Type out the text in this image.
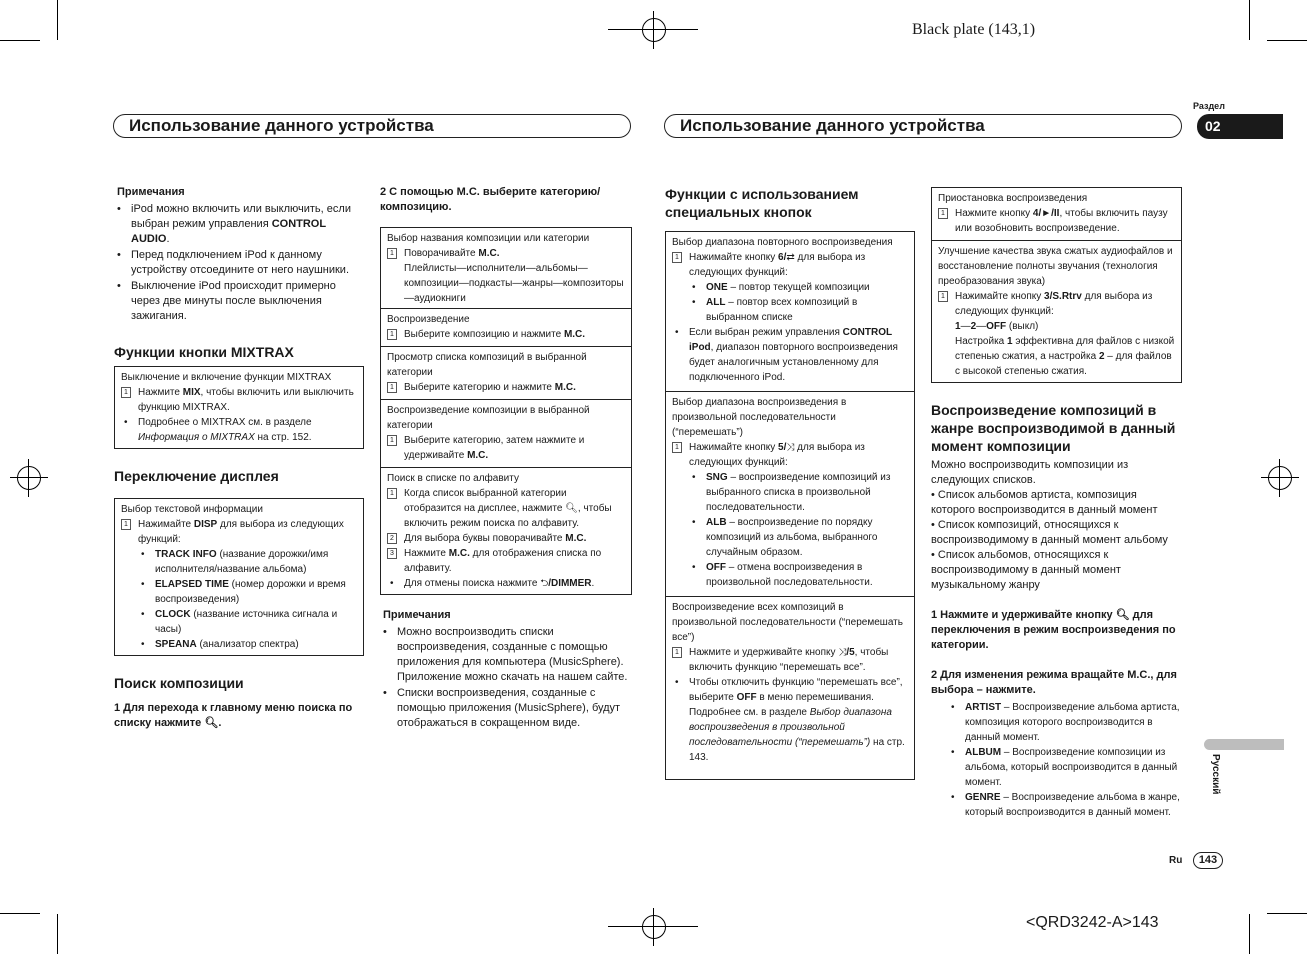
Black plate (143,1)
Использование данного устройства	Использование данного устройства
Раздел
02
Примечания
• iPod можно включить или выключить, если выбран режим управления CONTROL AUDIO.
• Перед подключением iPod к данному устройству отсоедините от него наушники.
• Выключение iPod происходит примерно через две минуты после выключения зажигания.
Функции кнопки MIXTRAX
Выключение и включение функции MIXTRAX
1	Нажмите MIX, чтобы включить или выключить функцию MIXTRAX.
• Подробнее о MIXTRAX см. в разделе Информация о MIXTRAX на стр. 152.
Переключение дисплея
Выбор текстовой информации
1	Нажимайте DISP для выбора из следующих функций:
• TRACK INFO (название дорожки/имя исполнителя/название альбома)
• ELAPSED TIME (номер дорожки и время воспроизведения)
• CLOCK (название источника сигнала и часы)
• SPEANA (анализатор спектра)
Поиск композиции
1 Для перехода к главному меню поиска по списку нажмите 🔍︎.
2 С помощью M.C. выберите категорию/композицию.
Выбор названия композиции или категории
1	Поворачивайте M.C.
Плейлисты—исполнители—альбомы—композиции—подкасты—жанры—композиторы—аудиокниги
Воспроизведение
1	Выберите композицию и нажмите M.C.
Просмотр списка композиций в выбранной категории
1	Выберите категорию и нажмите M.C.
Воспроизведение композиции в выбранной категории
1	Выберите категорию, затем нажмите и удерживайте M.C.
Поиск в списке по алфавиту
1	Когда список выбранной категории отобразится на дисплее, нажмите 🔍︎, чтобы включить режим поиска по алфавиту.
2	Для выбора буквы поворачивайте M.C.
3	Нажмите M.C. для отображения списка по алфавиту.
• Для отмены поиска нажмите ⮌/DIMMER.
Примечания
• Можно воспроизводить списки воспроизведения, созданные с помощью приложения для компьютера (MusicSphere). Приложение можно скачать на нашем сайте.
• Списки воспроизведения, созданные с помощью приложения (MusicSphere), будут отображаться в сокращенном виде.
Функции с использованием специальных кнопок
Выбор диапазона повторного воспроизведения
1	Нажимайте кнопку 6/⇄ для выбора из следующих функций:
• ONE – повтор текущей композиции
• ALL – повтор всех композиций в выбранном списке
• Если выбран режим управления CONTROL iPod, диапазон повторного воспроизведения будет аналогичным установленному для подключенного iPod.
Выбор диапазона воспроизведения в произвольной последовательности (“перемешать”)
1	Нажимайте кнопку 5/⤨ для выбора из следующих функций:
• SNG – воспроизведение композиций из выбранного списка в произвольной последовательности.
• ALB – воспроизведение по порядку композиций из альбома, выбранного случайным образом.
• OFF – отмена воспроизведения в произвольной последовательности.
Воспроизведение всех композиций в произвольной последовательности (“перемешать все”)
1	Нажмите и удерживайте кнопку ⤨/5, чтобы включить функцию “перемешать все”.
• Чтобы отключить функцию “перемешать все”, выберите OFF в меню перемешивания. Подробнее см. в разделе Выбор диапазона воспроизведения в произвольной последовательности (“перемешать”) на стр. 143.
Приостановка воспроизведения
1	Нажмите кнопку 4/►/II, чтобы включить паузу или возобновить воспроизведение.
Улучшение качества звука сжатых аудиофайлов и восстановление полноты звучания (технология преобразования звука)
1	Нажимайте кнопку 3/S.Rtrv для выбора из следующих функций:
1—2—OFF (выкл)
Настройка 1 эффективна для файлов с низкой степенью сжатия, а настройка 2 – для файлов с высокой степенью сжатия.
Воспроизведение композиций в жанре воспроизводимой в данный момент композиции

Можно воспроизводить композиции из следующих списков.

• Список альбомов артиста, композиция которого воспроизводится в данный момент

• Список композиций, относящихся к воспроизводимому в данный момент альбому

• Список альбомов, относящихся к воспроизводимому в данный момент музыкальному жанру

1 Нажмите и удерживайте кнопку 🔍︎ для переключения в режим воспроизведения по категории.
2 Для изменения режима вращайте M.C., для выбора – нажмите.
• ARTIST – Воспроизведение альбома артиста, композиция которого воспроизводится в данный момент.
• ALBUM – Воспроизведение композиции из альбома, который воспроизводится в данный момент.
• GENRE – Воспроизведение альбома в жанре, который воспроизводится в данный момент.
Русский
Ru	143
<QRD3242-A>143
